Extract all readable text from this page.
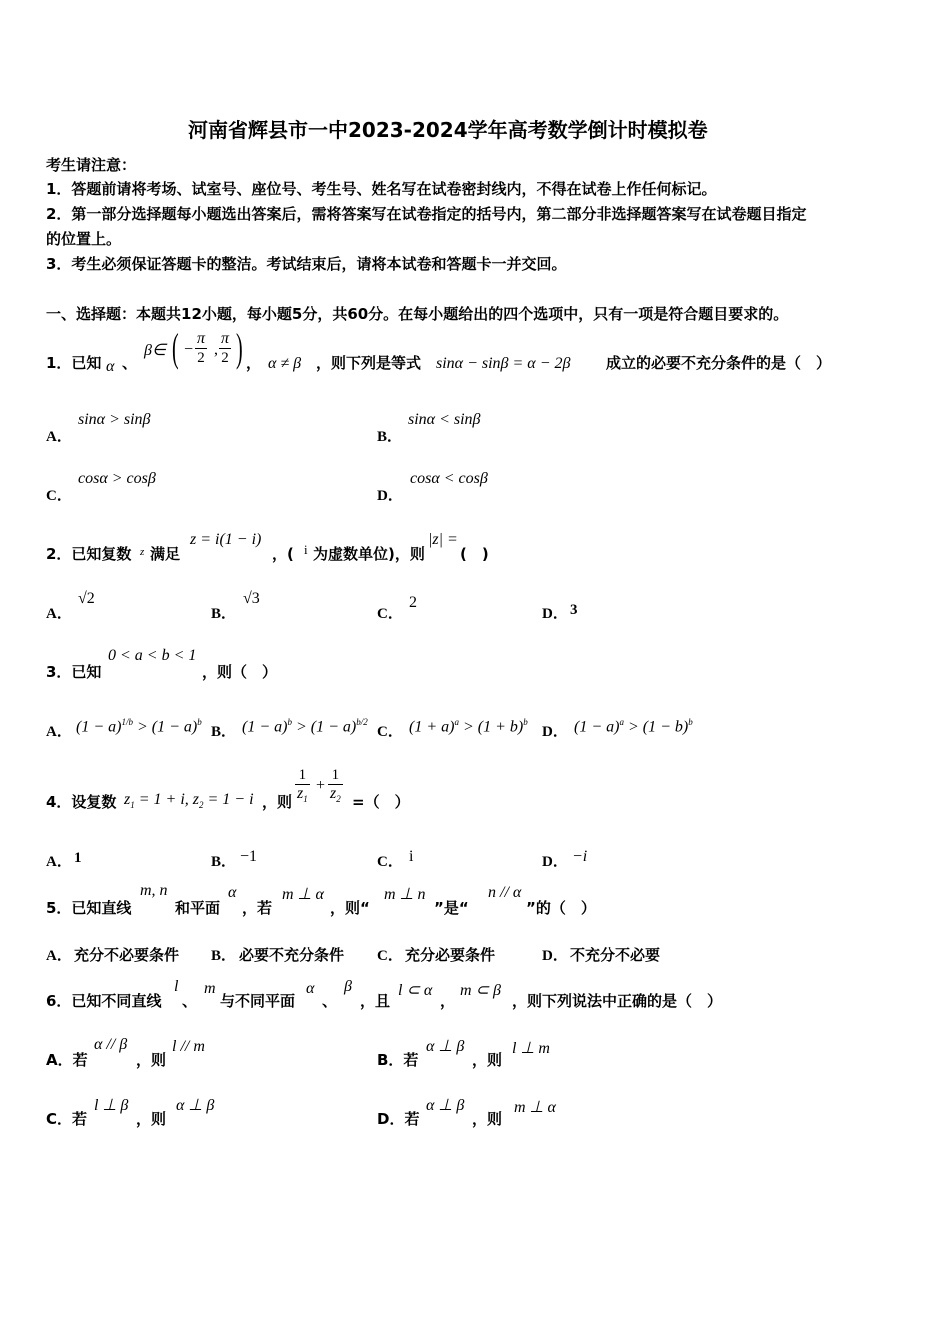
河南省辉县市一中2023-2024学年高考数学倒计时模拟卷
考生请注意：
1．答题前请将考场、试室号、座位号、考生号、姓名写在试卷密封线内，不得在试卷上作任何标记。
2．第一部分选择题每小题选出答案后，需将答案写在试卷指定的括号内，第二部分非选择题答案写在试卷题目指定
的位置上。
3．考生必须保证答题卡的整洁。考试结束后，请将本试卷和答题卡一并交回。
一、选择题：本题共12小题，每小题5分，共60分。在每小题给出的四个选项中，只有一项是符合题目要求的。
1．已知 α 、
β∈ ( − $\frac{\pi}{2}$ , $\frac{\pi}{2}$ ) ， α ≠ β ，则下列是等式 sinα − sinβ = α − 2β 成立的必要不充分条件的是（　）
A．
sinα > sinβ
B．
sinα < sinβ
C．
cosα > cosβ
D．
cosα < cosβ
2．已知复数 z 满足
z = i(1 − i)
，( i 为虚数单位)，则
|z| =
(　)
A．
√2
B．
√3
C．
2
D． 3
3．已知
0 < a < b < 1
，则（　）
A． $(1 - a)^{1/b} > (1 - a)^b$
B． $(1 - a)^b > (1 - a)^{b/2}$
C． $(1 + a)^a > (1 + b)^b$
D． $(1 - a)^a > (1 - b)^b$
4．设复数 $z_1 = 1 + i$, $z_2 = 1 - i$ ，则 $\frac{1}{z_1} + \frac{1}{z_2}$ =（　）
A． 1	B． −1	C． i	D． −i
5．已知直线
m, n
和平面
α
，若
m ⊥ α
，则“
m ⊥ n
”是“
n // α
”的（　）
A． 充分不必要条件 B． 必要不充分条件 C． 充分必要条件	D． 不充分不必要
6．已知不同直线
l
、
m
与不同平面
α
、
β
，且
l ⊂ α
，
m ⊂ β
，则下列说法中正确的是（　）
A．若
α // β
，则
l // m
B．若
α ⊥ β
，则
l ⊥ m
C．若
l ⊥ β
，则
α ⊥ β
D．若
α ⊥ β
，则
m ⊥ α
